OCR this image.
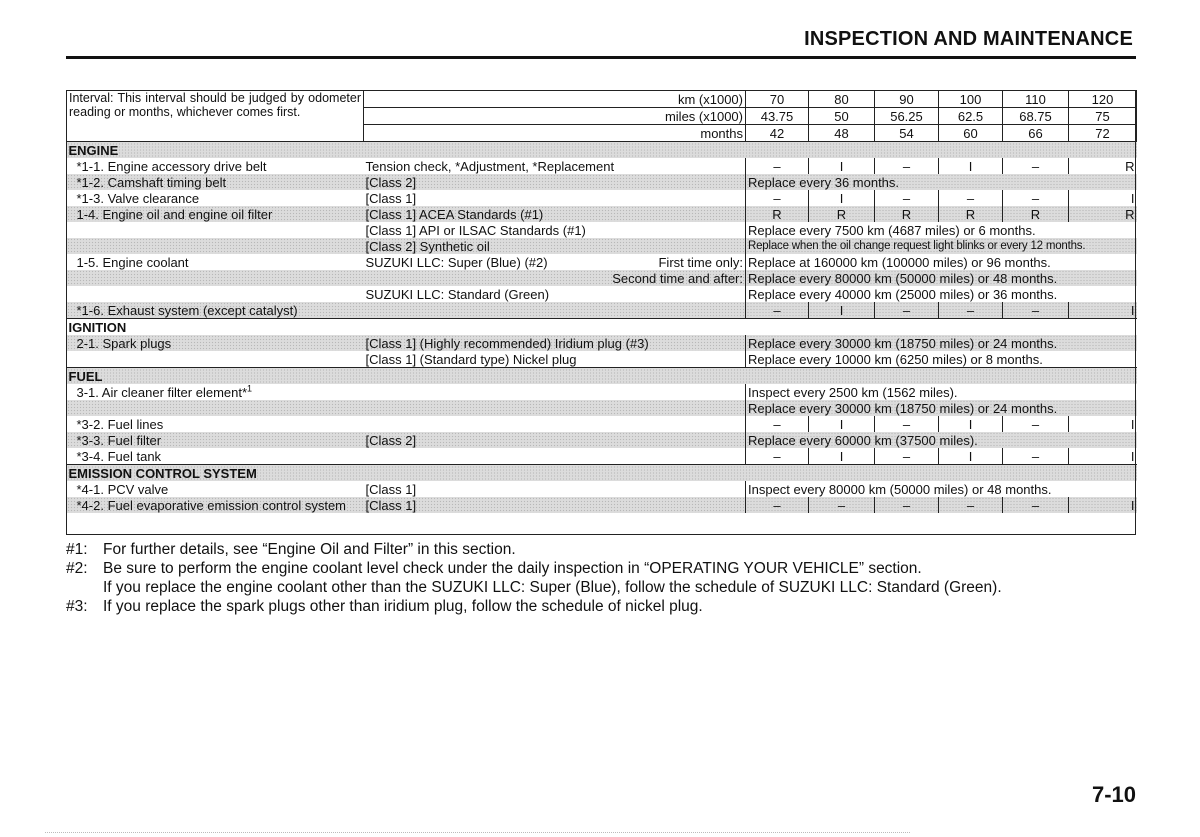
INSPECTION AND MAINTENANCE
Interval: This interval should be judged by odometer reading or months, whichever comes first.	km (x1000)		70	80	90	100	110	120
	miles (x1000)		43.75	50	56.25	62.5	68.75	75
	months		42	48	54	60	66	72
ENGINE								
*1-1. Engine accessory drive belt	Tension check, *Adjustment, *Replacement		–	I	–	I	–	R
*1-2. Camshaft timing belt	[Class 2]		Replace every 36 months.					
*1-3. Valve clearance	[Class 1]		–	I	–	–	–	I
1-4. Engine oil and engine oil filter	[Class 1] ACEA Standards (#1)		R	R	R	R	R	R
	[Class 1] API or ILSAC Standards (#1)		Replace every 7500 km (4687 miles) or 6 months.					
	[Class 2] Synthetic oil		Replace when the oil change request light blinks or every 12 months.					
1-5. Engine coolant	SUZUKI LLC: Super (Blue) (#2)	First time only:	Replace at 160000 km (100000 miles) or 96 months.					
	Second time and after:		Replace every 80000 km (50000 miles) or 48 months.					
	SUZUKI LLC: Standard (Green)		Replace every 40000 km (25000 miles) or 36 months.					
*1-6. Exhaust system (except catalyst)			–	I	–	–	–	I
IGNITION								
2-1. Spark plugs	[Class 1] (Highly recommended) Iridium plug (#3)		Replace every 30000 km (18750 miles) or 24 months.					
	[Class 1] (Standard type) Nickel plug		Replace every 10000 km (6250 miles) or 8 months.					
FUEL								
3-1. Air cleaner filter element*$^1$			Inspect every 2500 km (1562 miles).					
			Replace every 30000 km (18750 miles) or 24 months.					
*3-2. Fuel lines			–	I	–	I	–	I
*3-3. Fuel filter	[Class 2]		Replace every 60000 km (37500 miles).					
*3-4. Fuel tank			–	I	–	I	–	I
EMISSION CONTROL SYSTEM								
*4-1. PCV valve	[Class 1]		Inspect every 80000 km (50000 miles) or 48 months.					
*4-2. Fuel evaporative emission control system	[Class 1]		–	–	–	–	–	I
#1: For further details, see “Engine Oil and Filter” in this section.
#2: Be sure to perform the engine coolant level check under the daily inspection in “OPERATING YOUR VEHICLE” section.
If you replace the engine coolant other than the SUZUKI LLC: Super (Blue), follow the schedule of SUZUKI LLC: Standard (Green).
#3: If you replace the spark plugs other than iridium plug, follow the schedule of nickel plug.
7-10
